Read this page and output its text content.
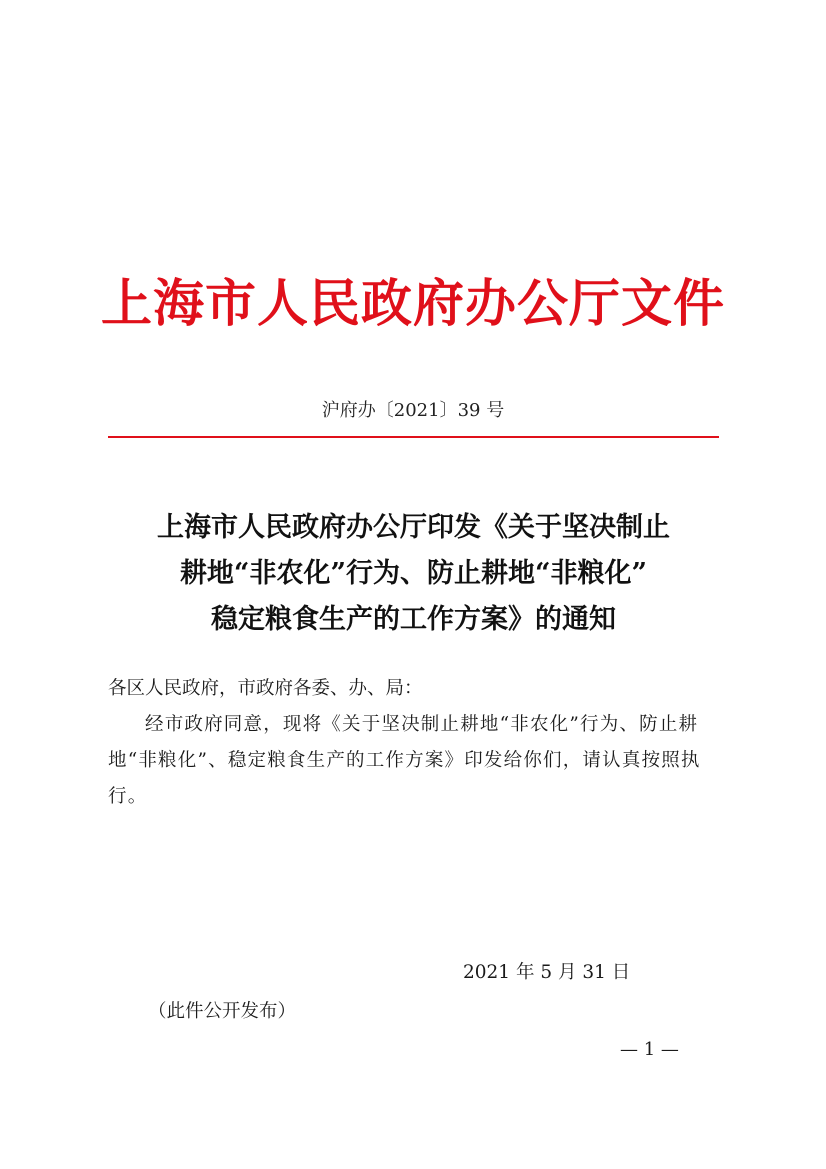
上海市人民政府办公厅文件
沪府办〔2021〕39 号
上海市人民政府办公厅印发《关于坚决制止
耕地“非农化”行为、防止耕地“非粮化”
稳定粮食生产的工作方案》的通知
各区人民政府，市政府各委、办、局：
经市政府同意，现将《关于坚决制止耕地“非农化”行为、防止耕地“非粮化”、稳定粮食生产的工作方案》印发给你们，请认真按照执行。
2021 年 5 月 31 日
（此件公开发布）
— 1 —
